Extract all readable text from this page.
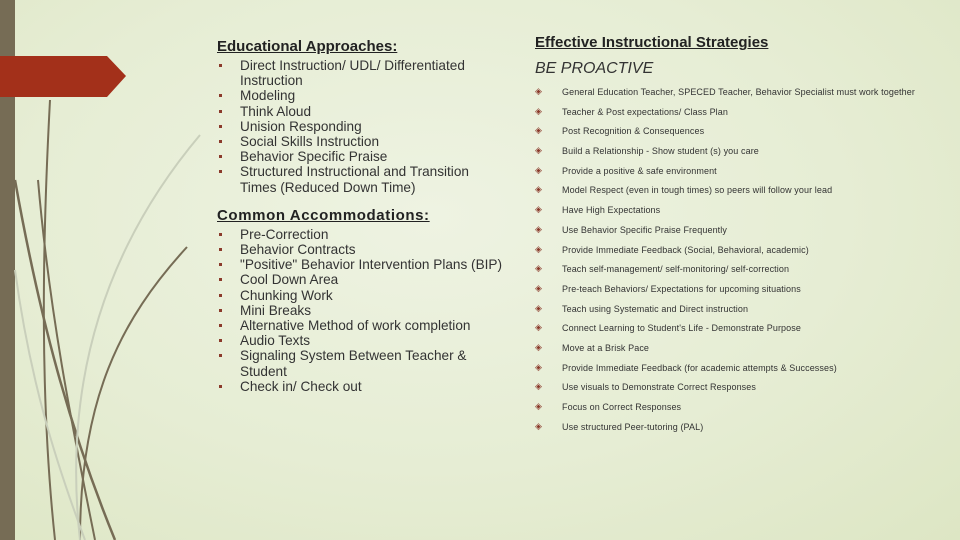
Educational Approaches:
Direct Instruction/ UDL/ Differentiated Instruction
Modeling
Think Aloud
Unision Responding
Social Skills Instruction
Behavior Specific Praise
Structured Instructional and Transition Times (Reduced Down Time)
Common Accommodations:
Pre-Correction
Behavior Contracts
"Positive" Behavior Intervention Plans (BIP)
Cool Down Area
Chunking Work
Mini Breaks
Alternative Method of work completion
Audio Texts
Signaling System Between Teacher & Student
Check in/ Check out
Effective Instructional Strategies
BE PROACTIVE
◈ General Education Teacher, SPECED Teacher, Behavior Specialist must work together
◈ Teacher & Post expectations/ Class Plan
◈ Post Recognition & Consequences
◈ Build a Relationship - Show student (s) you care
◈ Provide a positive & safe environment
◈ Model Respect (even in tough times) so peers will follow your lead
◈ Have High Expectations
◈ Use Behavior Specific Praise Frequently
◈ Provide Immediate Feedback (Social, Behavioral, academic)
◈ Teach self-management/ self-monitoring/ self-correction
◈ Pre-teach Behaviors/ Expectations for upcoming situations
◈ Teach using Systematic and Direct instruction
◈ Connect Learning to Student's Life - Demonstrate Purpose
◈ Move at a Brisk Pace
◈ Provide Immediate Feedback (for academic attempts & Successes)
◈ Use visuals to Demonstrate Correct Responses
◈ Focus on Correct Responses
◈ Use structured Peer-tutoring (PAL)
